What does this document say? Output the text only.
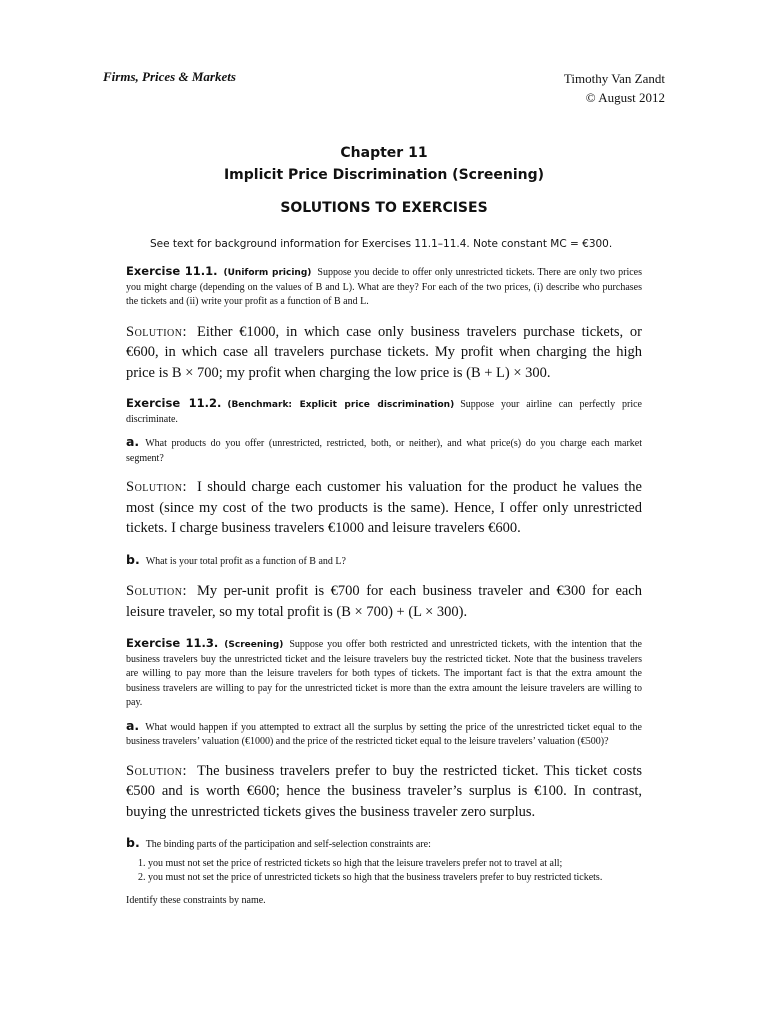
Firms, Prices & Markets	Timothy Van Zandt
© August 2012
Chapter 11
Implicit Price Discrimination (Screening)
SOLUTIONS TO EXERCISES

See text for background information for Exercises 11.1–11.4. Note constant MC = €300.

Exercise 11.1. (Uniform pricing) Suppose you decide to offer only unrestricted tickets. There are only two prices you might charge (depending on the values of B and L). What are they? For each of the two prices, (i) describe who purchases the tickets and (ii) write your profit as a function of B and L.

Solution: Either €1000, in which case only business travelers purchase tickets, or €600, in which case all travelers purchase tickets. My profit when charging the high price is B × 700; my profit when charging the low price is (B + L) × 300.

Exercise 11.2. (Benchmark: Explicit price discrimination) Suppose your airline can perfectly price discriminate.

a. What products do you offer (unrestricted, restricted, both, or neither), and what price(s) do you charge each market segment?

Solution: I should charge each customer his valuation for the product he values the most (since my cost of the two products is the same). Hence, I offer only unrestricted tickets. I charge business travelers €1000 and leisure travelers €600.

b. What is your total profit as a function of B and L?

Solution: My per-unit profit is €700 for each business traveler and €300 for each leisure traveler, so my total profit is (B × 700) + (L × 300).

Exercise 11.3. (Screening) Suppose you offer both restricted and unrestricted tickets, with the intention that the business travelers buy the unrestricted ticket and the leisure travelers buy the restricted ticket. Note that the business travelers are willing to pay more than the leisure travelers for both types of tickets. The important fact is that the extra amount the business travelers are willing to pay for the unrestricted ticket is more than the extra amount the leisure travelers are willing to pay.

a. What would happen if you attempted to extract all the surplus by setting the price of the unrestricted ticket equal to the business travelers’ valuation (€1000) and the price of the restricted ticket equal to the leisure travelers’ valuation (€500)?

Solution: The business travelers prefer to buy the restricted ticket. This ticket costs €500 and is worth €600; hence the business traveler’s surplus is €100. In contrast, buying the unrestricted tickets gives the business traveler zero surplus.

b. The binding parts of the participation and self-selection constraints are:

1. you must not set the price of restricted tickets so high that the leisure travelers prefer not to travel at all;
2. you must not set the price of unrestricted tickets so high that the business travelers prefer to buy restricted tickets.

Identify these constraints by name.
